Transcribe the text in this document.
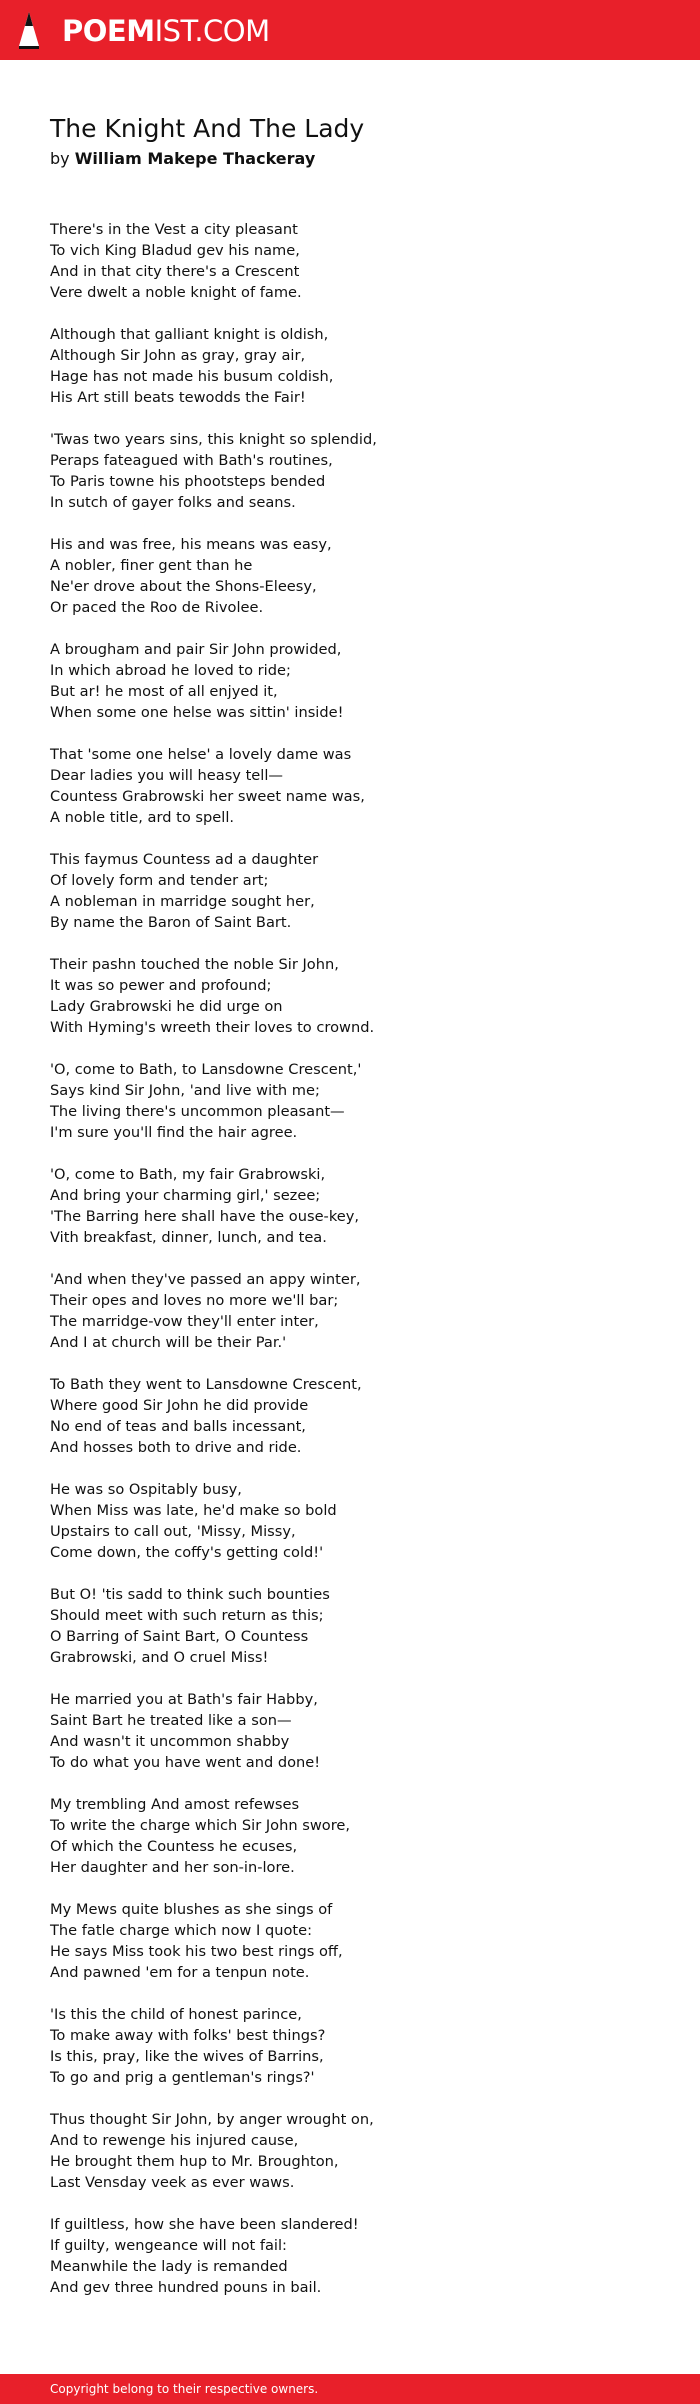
POEMIST.COM
The Knight And The Lady
by William Makepe Thackeray
There's in the Vest a city pleasant
To vich King Bladud gev his name,
And in that city there's a Crescent
Vere dwelt a noble knight of fame.
Although that galliant knight is oldish,
Although Sir John as gray, gray air,
Hage has not made his busum coldish,
His Art still beats tewodds the Fair!
'Twas two years sins, this knight so splendid,
Peraps fateagued with Bath's routines,
To Paris towne his phootsteps bended
In sutch of gayer folks and seans.
His and was free, his means was easy,
A nobler, finer gent than he
Ne'er drove about the Shons-Eleesy,
Or paced the Roo de Rivolee.
A brougham and pair Sir John prowided,
In which abroad he loved to ride;
But ar! he most of all enjyed it,
When some one helse was sittin' inside!
That 'some one helse' a lovely dame was
Dear ladies you will heasy tell—
Countess Grabrowski her sweet name was,
A noble title, ard to spell.
This faymus Countess ad a daughter
Of lovely form and tender art;
A nobleman in marridge sought her,
By name the Baron of Saint Bart.
Their pashn touched the noble Sir John,
It was so pewer and profound;
Lady Grabrowski he did urge on
With Hyming's wreeth their loves to crownd.
'O, come to Bath, to Lansdowne Crescent,'
Says kind Sir John, 'and live with me;
The living there's uncommon pleasant—
I'm sure you'll find the hair agree.
'O, come to Bath, my fair Grabrowski,
And bring your charming girl,' sezee;
'The Barring here shall have the ouse-key,
Vith breakfast, dinner, lunch, and tea.
'And when they've passed an appy winter,
Their opes and loves no more we'll bar;
The marridge-vow they'll enter inter,
And I at church will be their Par.'
To Bath they went to Lansdowne Crescent,
Where good Sir John he did provide
No end of teas and balls incessant,
And hosses both to drive and ride.
He was so Ospitably busy,
When Miss was late, he'd make so bold
Upstairs to call out, 'Missy, Missy,
Come down, the coffy's getting cold!'
But O! 'tis sadd to think such bounties
Should meet with such return as this;
O Barring of Saint Bart, O Countess
Grabrowski, and O cruel Miss!
He married you at Bath's fair Habby,
Saint Bart he treated like a son—
And wasn't it uncommon shabby
To do what you have went and done!
My trembling And amost refewses
To write the charge which Sir John swore,
Of which the Countess he ecuses,
Her daughter and her son-in-lore.
My Mews quite blushes as she sings of
The fatle charge which now I quote:
He says Miss took his two best rings off,
And pawned 'em for a tenpun note.
'Is this the child of honest parince,
To make away with folks' best things?
Is this, pray, like the wives of Barrins,
To go and prig a gentleman's rings?'
Thus thought Sir John, by anger wrought on,
And to rewenge his injured cause,
He brought them hup to Mr. Broughton,
Last Vensday veek as ever waws.
If guiltless, how she have been slandered!
If guilty, wengeance will not fail:
Meanwhile the lady is remanded
And gev three hundred pouns in bail.
Copyright belong to their respective owners.
